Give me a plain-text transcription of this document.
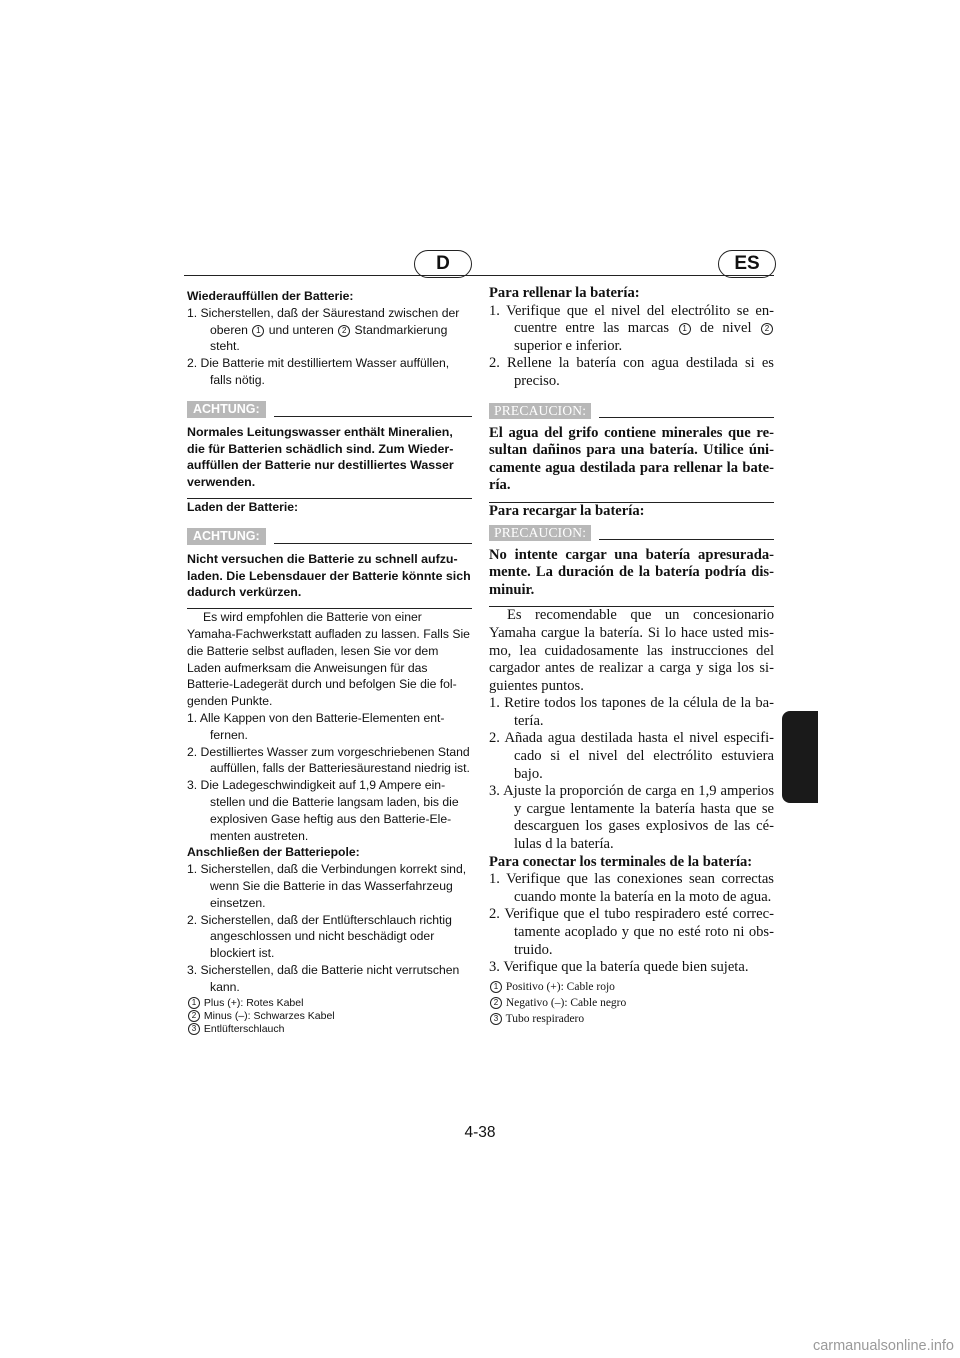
D	ES

Wiederauffüllen der Batterie:

1. Sicherstellen, daß der Säurestand zwischen der oberen 1 und unteren 2 Standmarkierung steht.

2. Die Batterie mit destilliertem Wasser auffüllen, falls nötig.

ACHTUNG:

Normales Leitungswasser enthält Mineralien, die für Batterien schädlich sind. Zum Wiederauffüllen der Batterie nur destilliertes Wasser verwenden.

Laden der Batterie:

ACHTUNG:

Nicht versuchen die Batterie zu schnell aufzuladen. Die Lebensdauer der Batterie könnte sich dadurch verkürzen.

Es wird empfohlen die Batterie von einer Yamaha-Fachwerkstatt aufladen zu lassen. Falls Sie die Batterie selbst aufladen, lesen Sie vor dem Laden aufmerksam die Anweisungen für das Batterie-Ladegerät durch und befolgen Sie die folgenden Punkte.

1. Alle Kappen von den Batterie-Elementen entfernen.

2. Destilliertes Wasser zum vorgeschriebenen Stand auffüllen, falls der Batteriesäurestand niedrig ist.

3. Die Ladegeschwindigkeit auf 1,9 Ampere einstellen und die Batterie langsam laden, bis die explosiven Gase heftig aus den Batterie-Elementen austreten.

Anschließen der Batteriepole:

1. Sicherstellen, daß die Verbindungen korrekt sind, wenn Sie die Batterie in das Wasserfahrzeug einsetzen.

2. Sicherstellen, daß der Entlüfterschlauch richtig angeschlossen und nicht beschädigt oder blockiert ist.

3. Sicherstellen, daß die Batterie nicht verrutschen kann.

1 Plus (+): Rotes Kabel
2 Minus (–): Schwarzes Kabel
3 Entlüfterschlauch

Para rellenar la batería:

1. Verifique que el nivel del electrólito se encuentre entre las marcas 1 de nivel 2 superior e inferior.

2. Rellene la batería con agua destilada si es preciso.

PRECAUCION:

El agua del grifo contiene minerales que resultan dañinos para una batería. Utilice únicamente agua destilada para rellenar la batería.

Para recargar la batería:

PRECAUCION:

No intente cargar una batería apresuradamente. La duración de la batería podría disminuir.

Es recomendable que un concesionario Yamaha cargue la batería. Si lo hace usted mismo, lea cuidadosamente las instrucciones del cargador antes de realizar a carga y siga los siguientes puntos.

1. Retire todos los tapones de la célula de la batería.

2. Añada agua destilada hasta el nivel especificado si el nivel del electrólito estuviera bajo.

3. Ajuste la proporción de carga en 1,9 amperios y cargue lentamente la batería hasta que se descarguen los gases explosivos de las células d la batería.

Para conectar los terminales de la batería:

1. Verifique que las conexiones sean correctas cuando monte la batería en la moto de agua.

2. Verifique que el tubo respiradero esté correctamente acoplado y que no esté roto ni obstruido.

3. Verifique que la batería quede bien sujeta.

1 Positivo (+): Cable rojo
2 Negativo (–): Cable negro
3 Tubo respiradero
4-38
carmanualsonline.info
